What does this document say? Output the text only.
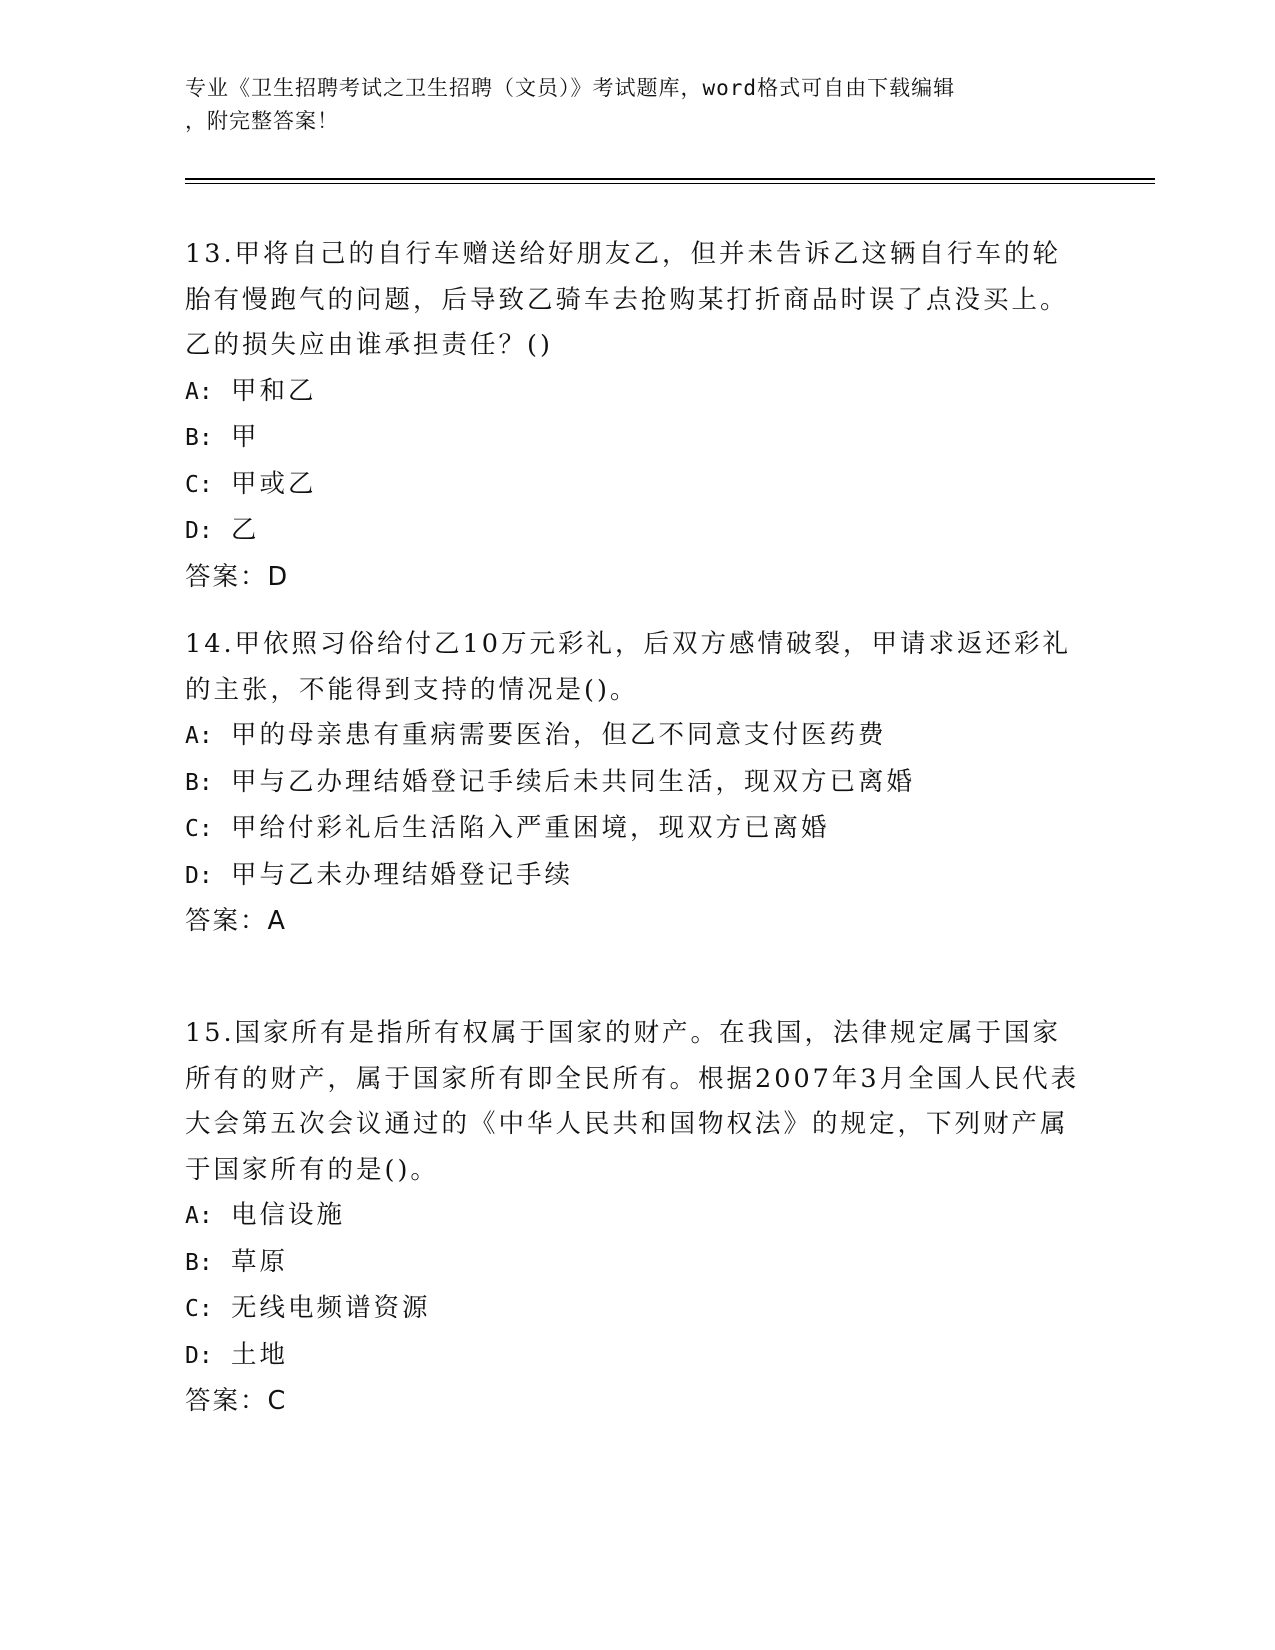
专业《卫生招聘考试之卫生招聘（文员）》考试题库，word格式可自由下载编辑
，附完整答案！

13.甲将自己的自行车赠送给好朋友乙，但并未告诉乙这辆自行车的轮胎有慢跑气的问题，后导致乙骑车去抢购某打折商品时误了点没买上。乙的损失应由谁承担责任？()

A: 甲和乙

B: 甲

C: 甲或乙

D: 乙

答案：D

14.甲依照习俗给付乙10万元彩礼，后双方感情破裂，甲请求返还彩礼的主张，不能得到支持的情况是()。

A: 甲的母亲患有重病需要医治，但乙不同意支付医药费

B: 甲与乙办理结婚登记手续后未共同生活，现双方已离婚

C: 甲给付彩礼后生活陷入严重困境，现双方已离婚

D: 甲与乙未办理结婚登记手续

答案：A

15.国家所有是指所有权属于国家的财产。在我国，法律规定属于国家所有的财产，属于国家所有即全民所有。根据2007年3月全国人民代表大会第五次会议通过的《中华人民共和国物权法》的规定，下列财产属于国家所有的是()。

A: 电信设施

B: 草原

C: 无线电频谱资源

D: 土地

答案：C
